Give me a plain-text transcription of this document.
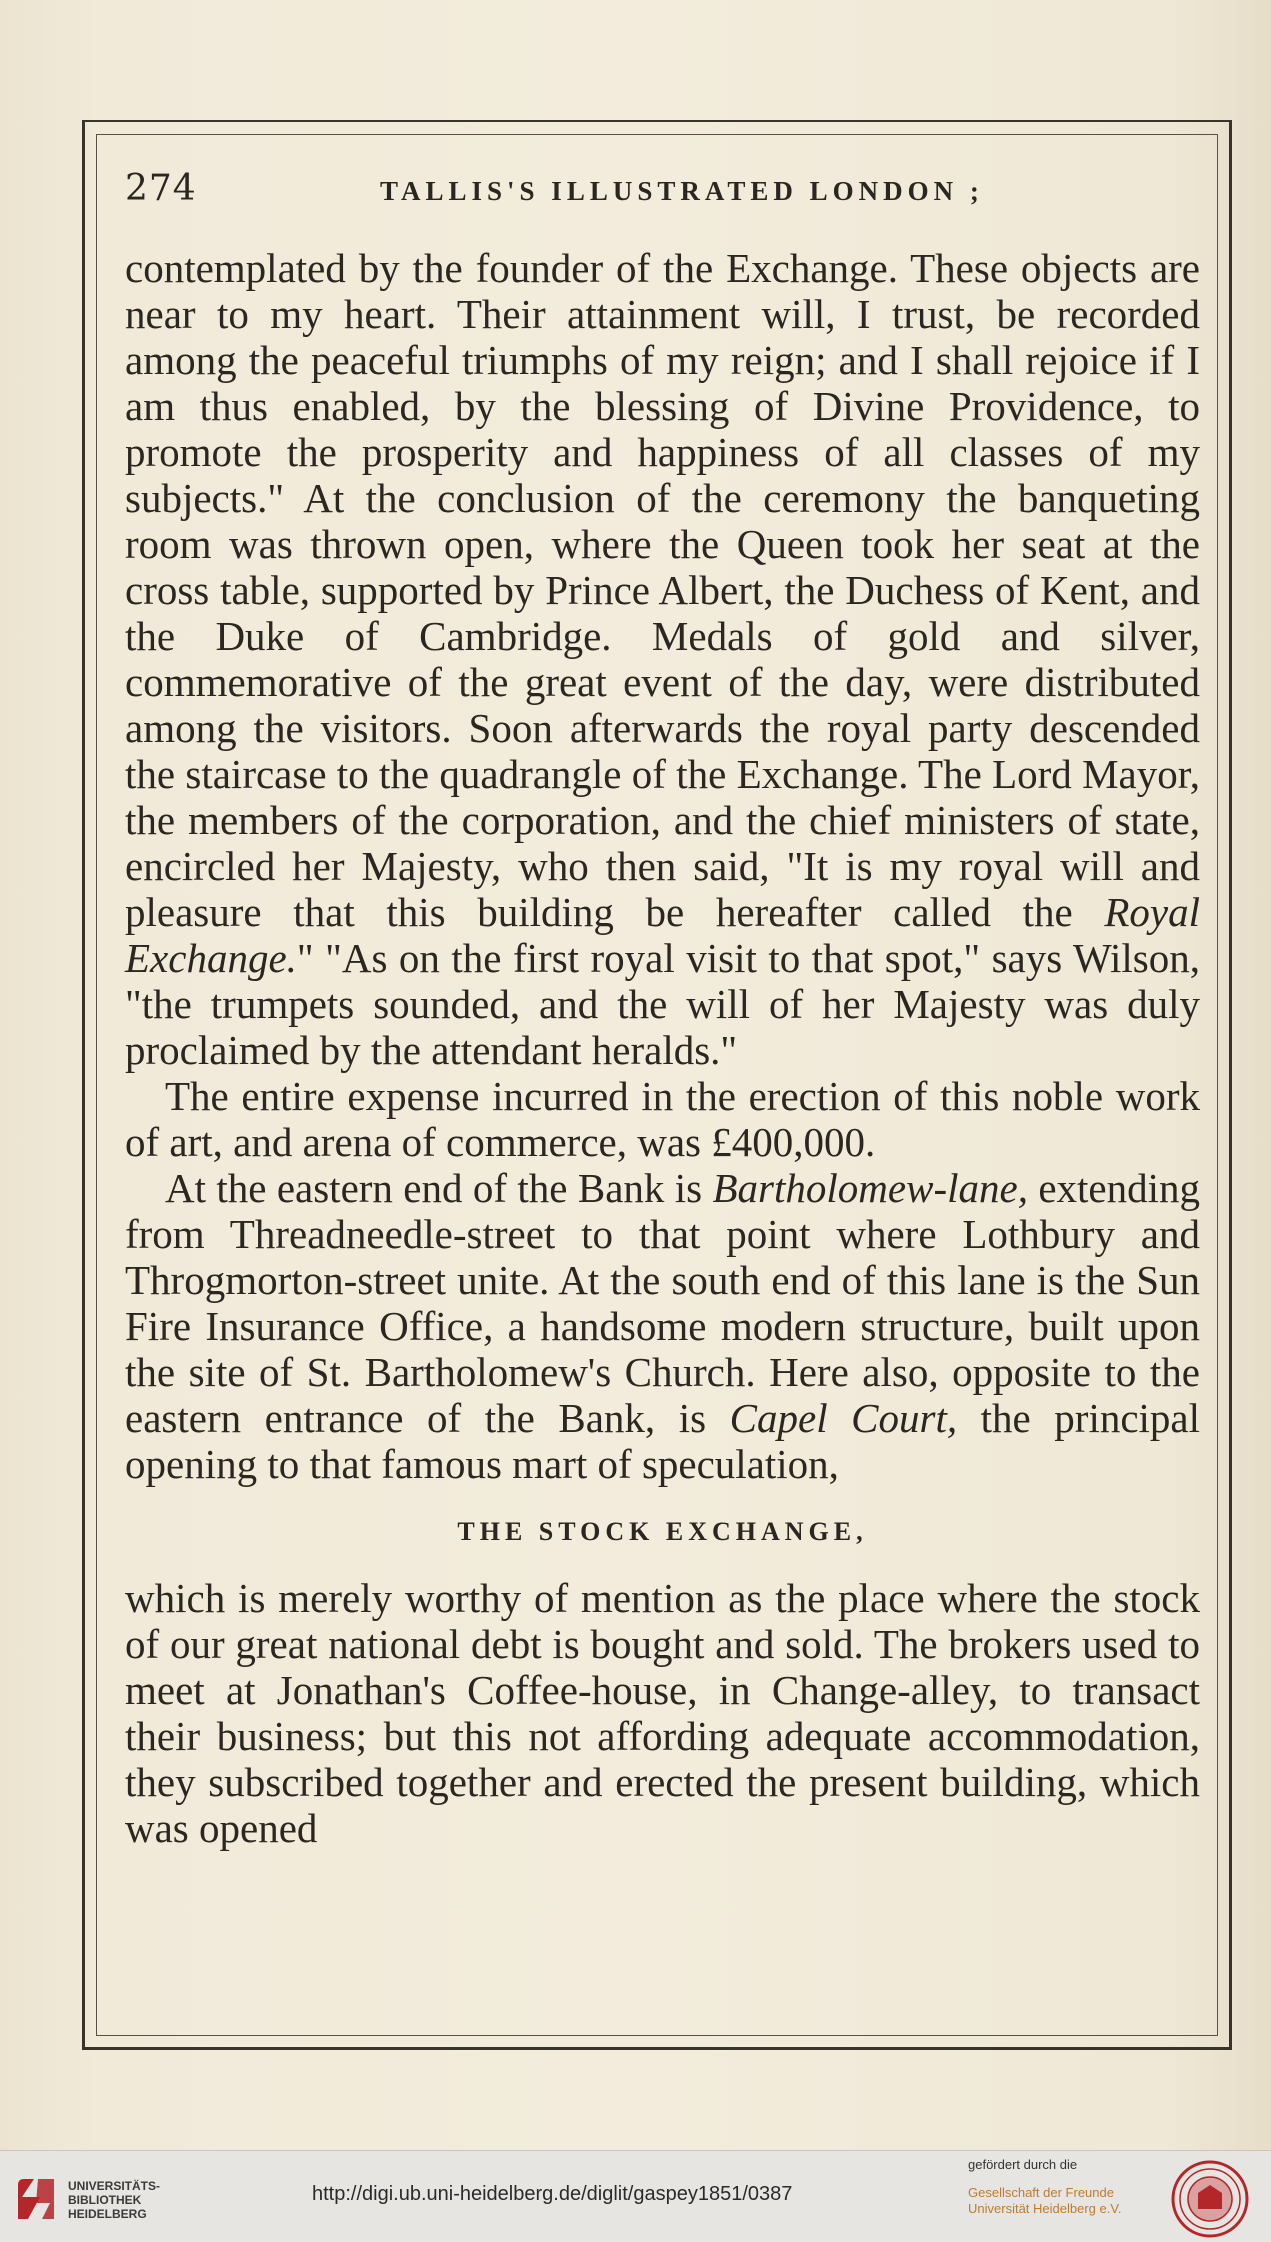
274	TALLIS'S ILLUSTRATED LONDON ;

contemplated by the founder of the Exchange. These objects are near to my heart. Their attainment will, I trust, be recorded among the peaceful triumphs of my reign; and I shall rejoice if I am thus enabled, by the blessing of Divine Providence, to promote the prosperity and happiness of all classes of my subjects." At the conclusion of the ceremony the banqueting room was thrown open, where the Queen took her seat at the cross table, supported by Prince Albert, the Duchess of Kent, and the Duke of Cambridge. Medals of gold and silver, commemorative of the great event of the day, were distributed among the visitors. Soon afterwards the royal party descended the staircase to the quadrangle of the Exchange. The Lord Mayor, the members of the corporation, and the chief ministers of state, encircled her Majesty, who then said, "It is my royal will and pleasure that this building be hereafter called the Royal Exchange." "As on the first royal visit to that spot," says Wilson, "the trumpets sounded, and the will of her Majesty was duly proclaimed by the attendant heralds."

The entire expense incurred in the erection of this noble work of art, and arena of commerce, was £400,000.

At the eastern end of the Bank is Bartholomew-lane, extending from Threadneedle-street to that point where Lothbury and Throgmorton-street unite. At the south end of this lane is the Sun Fire Insurance Office, a handsome modern structure, built upon the site of St. Bartholomew's Church. Here also, opposite to the eastern entrance of the Bank, is Capel Court, the principal opening to that famous mart of speculation,

THE STOCK EXCHANGE,

which is merely worthy of mention as the place where the stock of our great national debt is bought and sold. The brokers used to meet at Jonathan's Coffee-house, in Change-alley, to transact their business; but this not affording adequate accommodation, they subscribed together and erected the present building, which was opened

UNIVERSITÄTS-
BIBLIOTHEK
HEIDELBERG
http://digi.ub.uni-heidelberg.de/diglit/gaspey1851/0387
gefördert durch die
Gesellschaft der Freunde
Universität Heidelberg e.V.
